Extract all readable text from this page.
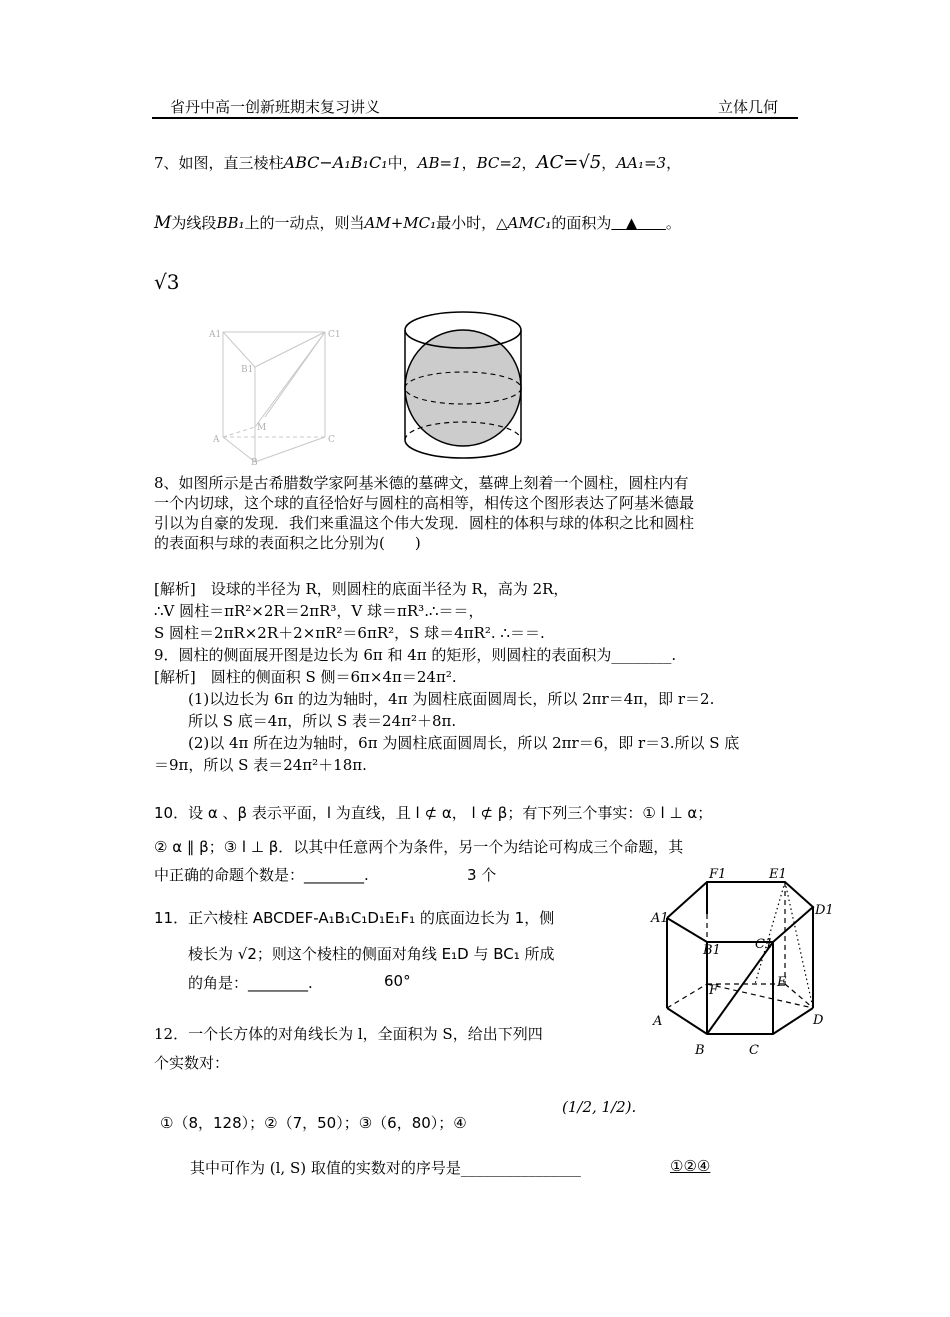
省丹中高一创新班期末复习讲义	立体几何
7、如图，直三棱柱ABC−A₁B₁C₁中，AB=1，BC=2，AC=√5，AA₁=3，
M为线段BB₁上的一动点，则当AM+MC₁最小时，△AMC₁的面积为 ▲ 。
√3
A1	C1
B1
A	C
B
M
8、如图所示是古希腊数学家阿基米德的墓碑文，墓碑上刻着一个圆柱，圆柱内有
一个内切球，这个球的直径恰好与圆柱的高相等，相传这个图形表达了阿基米德最
引以为自豪的发现．我们来重温这个伟大发现．圆柱的体积与球的体积之比和圆柱
的表面积与球的表面积之比分别为(　　)
[解析]　设球的半径为 R，则圆柱的底面半径为 R，高为 2R，
∴V 圆柱＝πR²×2R＝2πR³，V 球＝πR³.∴＝＝，
S 圆柱＝2πR×2R＋2×πR²＝6πR²，S 球＝4πR². ∴＝＝.
9．圆柱的侧面展开图是边长为 6π 和 4π 的矩形，则圆柱的表面积为________.
[解析]　圆柱的侧面积 S 侧＝6π×4π＝24π².
(1)以边长为 6π 的边为轴时，4π 为圆柱底面圆周长，所以 2πr＝4π，即 r＝2.
所以 S 底＝4π，所以 S 表＝24π²＋8π.
(2)以 4π 所在边为轴时，6π 为圆柱底面圆周长，所以 2πr＝6，即 r＝3.所以 S 底
＝9π，所以 S 表＝24π²＋18π.
10．设 α 、β 表示平面，l 为直线，且 l ⊄ α， l ⊄ β；有下列三个事实：① l ⊥ α；
② α ∥ β；③ l ⊥ β．以其中任意两个为条件，另一个为结论可构成三个命题，其
中正确的命题个数是：________.	3 个
11．正六棱柱 ABCDEF-A₁B₁C₁D₁E₁F₁ 的底面边长为 1，侧
棱长为 √2；则这个棱柱的侧面对角线 E₁D 与 BC₁ 所成
的角是：________.	60°
F1	E1
A1
D1
B1	C1
F
E
A	D
B	C
12．一个长方体的对角线长为 l，全面积为 S，给出下列四
个实数对：
①（8，128）；②（7，50）；③（6，80）；④
(1/2, 1/2).
其中可作为 (l, S) 取值的实数对的序号是________________	①②④
